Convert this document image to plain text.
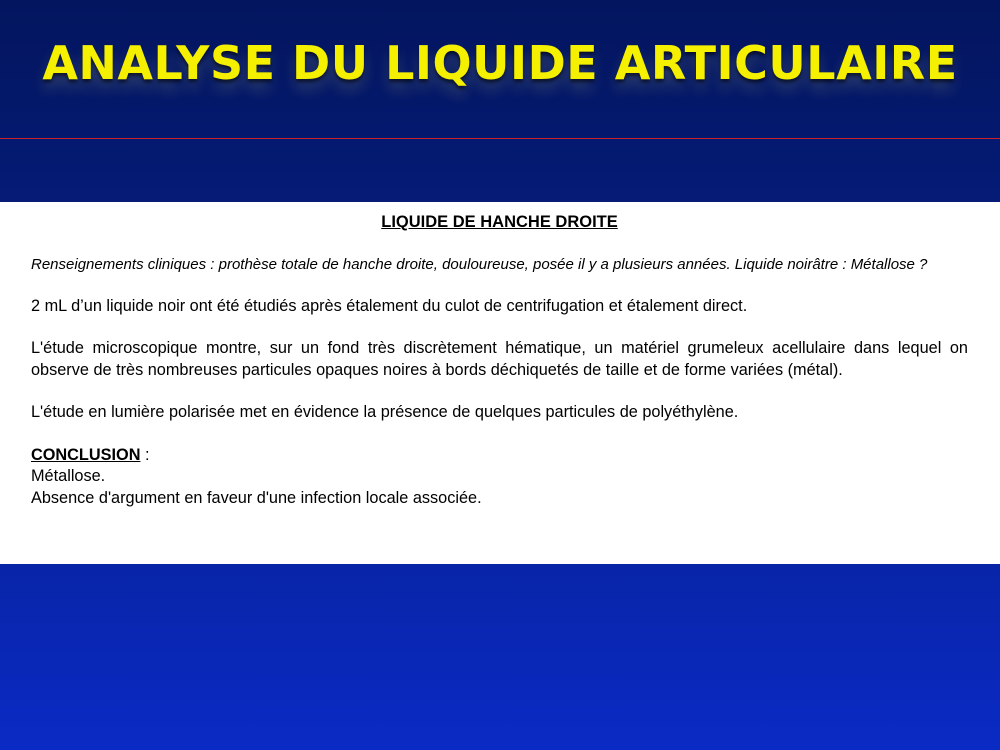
ANALYSE DU LIQUIDE ARTICULAIRE
LIQUIDE DE HANCHE DROITE
Renseignements cliniques : prothèse totale de hanche droite, douloureuse, posée il y a plusieurs années. Liquide noirâtre : Métallose ?
2 mL d’un liquide noir ont été étudiés après étalement du culot de centrifugation et étalement direct.
L'étude microscopique montre, sur un fond très discrètement hématique, un matériel grumeleux acellulaire dans lequel on observe de très nombreuses particules opaques noires à bords déchiquetés de taille et de forme variées (métal).
L'étude en lumière polarisée met en évidence la présence de quelques particules de polyéthylène.
CONCLUSION :
Métallose.
Absence d'argument en faveur d'une infection locale associée.
